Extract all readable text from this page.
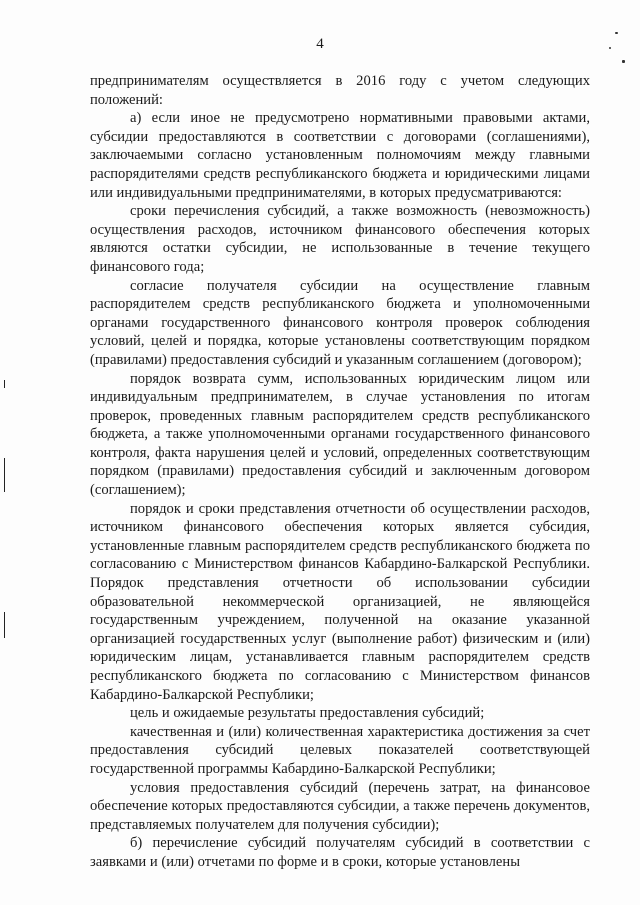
4

предпринимателям осуществляется в 2016 году с учетом следующих положений:

а) если иное не предусмотрено нормативными правовыми актами, субсидии предоставляются в соответствии с договорами (соглашениями), заключаемыми согласно установленным полномочиям между главными распорядителями средств республиканского бюджета и юридическими лицами или индивидуальными предпринимателями, в которых предусматриваются:

сроки перечисления субсидий, а также возможность (невозможность) осуществления расходов, источником финансового обеспечения которых являются остатки субсидии, не использованные в течение текущего финансового года;

согласие получателя субсидии на осуществление главным распорядителем средств республиканского бюджета и уполномоченными органами государственного финансового контроля проверок соблюдения условий, целей и порядка, которые установлены соответствующим порядком (правилами) предоставления субсидий и указанным соглашением (договором);

порядок возврата сумм, использованных юридическим лицом или индивидуальным предпринимателем, в случае установления по итогам проверок, проведенных главным распорядителем средств республиканского бюджета, а также уполномоченными органами государственного финансового контроля, факта нарушения целей и условий, определенных соответствующим порядком (правилами) предоставления субсидий и заключенным договором (соглашением);

порядок и сроки представления отчетности об осуществлении расходов, источником финансового обеспечения которых является субсидия, установленные главным распорядителем средств республиканского бюджета по согласованию с Министерством финансов Кабардино-Балкарской Республики. Порядок представления отчетности об использовании субсидии образовательной некоммерческой организацией, не являющейся государственным учреждением, полученной на оказание указанной организацией государственных услуг (выполнение работ) физическим и (или) юридическим лицам, устанавливается главным распорядителем средств республиканского бюджета по согласованию с Министерством финансов Кабардино-Балкарской Республики;

цель и ожидаемые результаты предоставления субсидий;

качественная и (или) количественная характеристика достижения за счет предоставления субсидий целевых показателей соответствующей государственной программы Кабардино-Балкарской Республики;

условия предоставления субсидий (перечень затрат, на финансовое обеспечение которых предоставляются субсидии, а также перечень документов, представляемых получателем для получения субсидии);

б) перечисление субсидий получателям субсидий в соответствии с заявками и (или) отчетами по форме и в сроки, которые установлены
